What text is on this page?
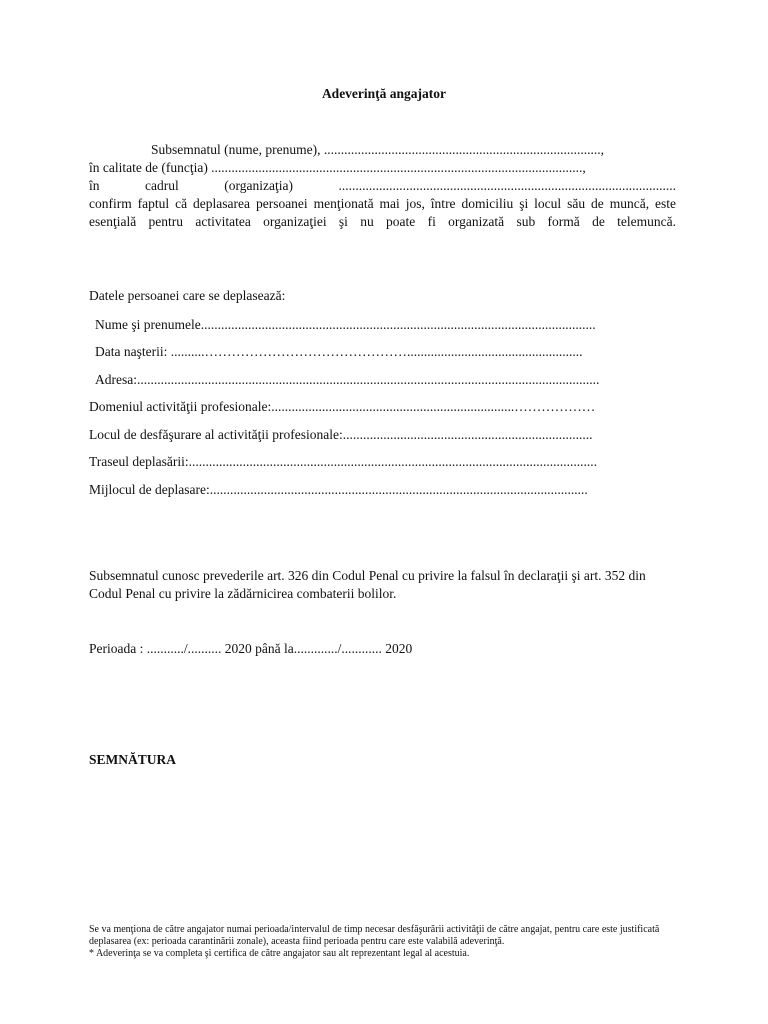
Adeverinţă angajator
Subsemnatul (nume, prenume), ..................................................................................,
în calitate de (funcţia) ..............................................................................................................,
în	cadrul	(organizaţia)	....................................................................................................
confirm faptul că deplasarea persoanei menţionată mai jos, între domiciliu şi locul său de muncă, este esenţială pentru activitatea organizaţiei şi nu poate fi organizată sub formă de telemuncă.
Datele persoanei care se deplasează:
Nume şi prenumele.....................................................................................................................
Data naşterii: ..........………………………………………....................................................
Adresa:.........................................................................................................................................
Domeniul activităţii profesionale:........................................................................………………
Locul de desfăşurare al activităţii profesionale:..........................................................................
Traseul deplasării:.........................................................................................................................
Mijlocul de deplasare:................................................................................................................
Subsemnatul cunosc prevederile art. 326 din Codul Penal cu privire la falsul în declaraţii şi art. 352 din Codul Penal cu privire la zădărnicirea combaterii bolilor.
Perioada : .........../.......... 2020 până la............./............ 2020
SEMNĂTURA
Se va menţiona de către angajator numai perioada/intervalul de timp necesar desfăşurării activităţii de către angajat, pentru care este justificată deplasarea (ex: perioada carantinării zonale), aceasta fiind perioada pentru care este valabilă adeverinţă.
* Adeverinţa se va completa şi certifica de către angajator sau alt reprezentant legal al acestuia.
